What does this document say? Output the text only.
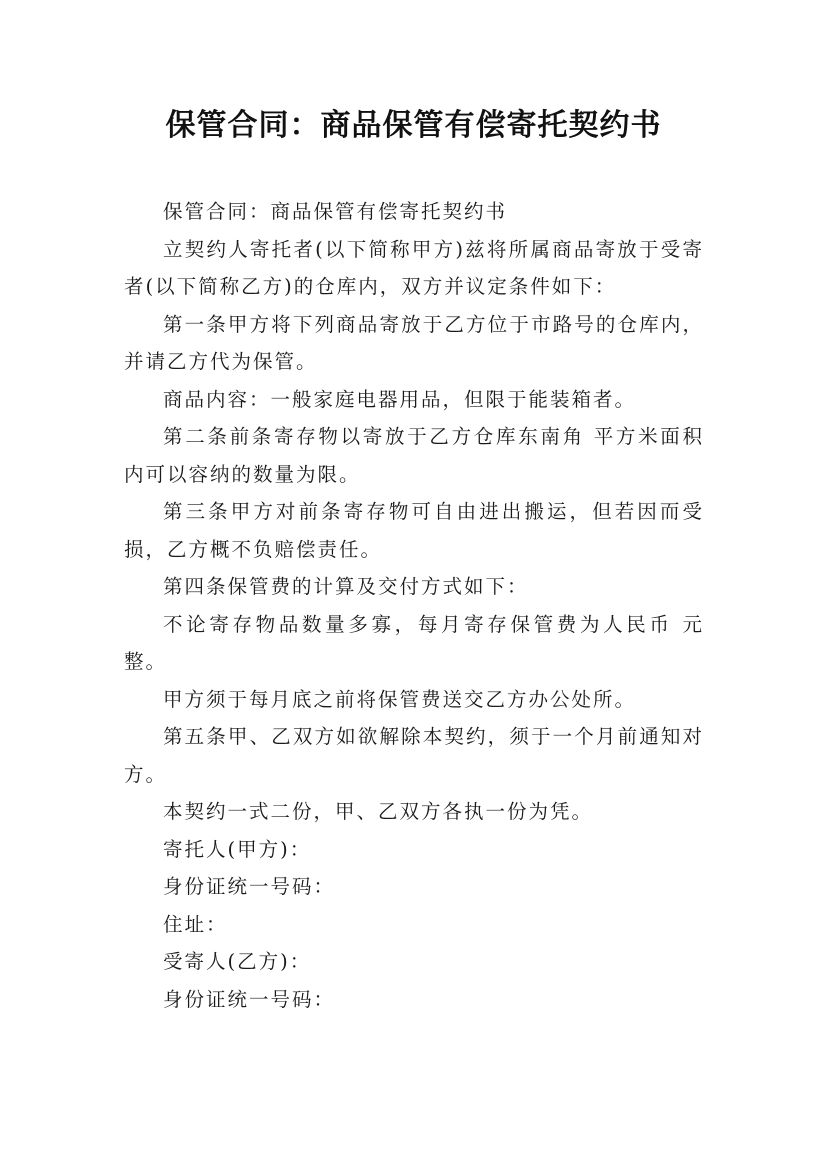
保管合同：商品保管有偿寄托契约书

保管合同：商品保管有偿寄托契约书

立契约人寄托者(以下简称甲方)兹将所属商品寄放于受寄者(以下简称乙方)的仓库内，双方并议定条件如下：

第一条甲方将下列商品寄放于乙方位于市路号的仓库内，并请乙方代为保管。

商品内容：一般家庭电器用品，但限于能装箱者。

第二条前条寄存物以寄放于乙方仓库东南角 平方米面积内可以容纳的数量为限。

第三条甲方对前条寄存物可自由进出搬运，但若因而受损，乙方概不负赔偿责任。

第四条保管费的计算及交付方式如下：

不论寄存物品数量多寡，每月寄存保管费为人民币 元整。

甲方须于每月底之前将保管费送交乙方办公处所。

第五条甲、乙双方如欲解除本契约，须于一个月前通知对方。

本契约一式二份，甲、乙双方各执一份为凭。

寄托人(甲方)：

身份证统一号码：

住址：

受寄人(乙方)：

身份证统一号码：
